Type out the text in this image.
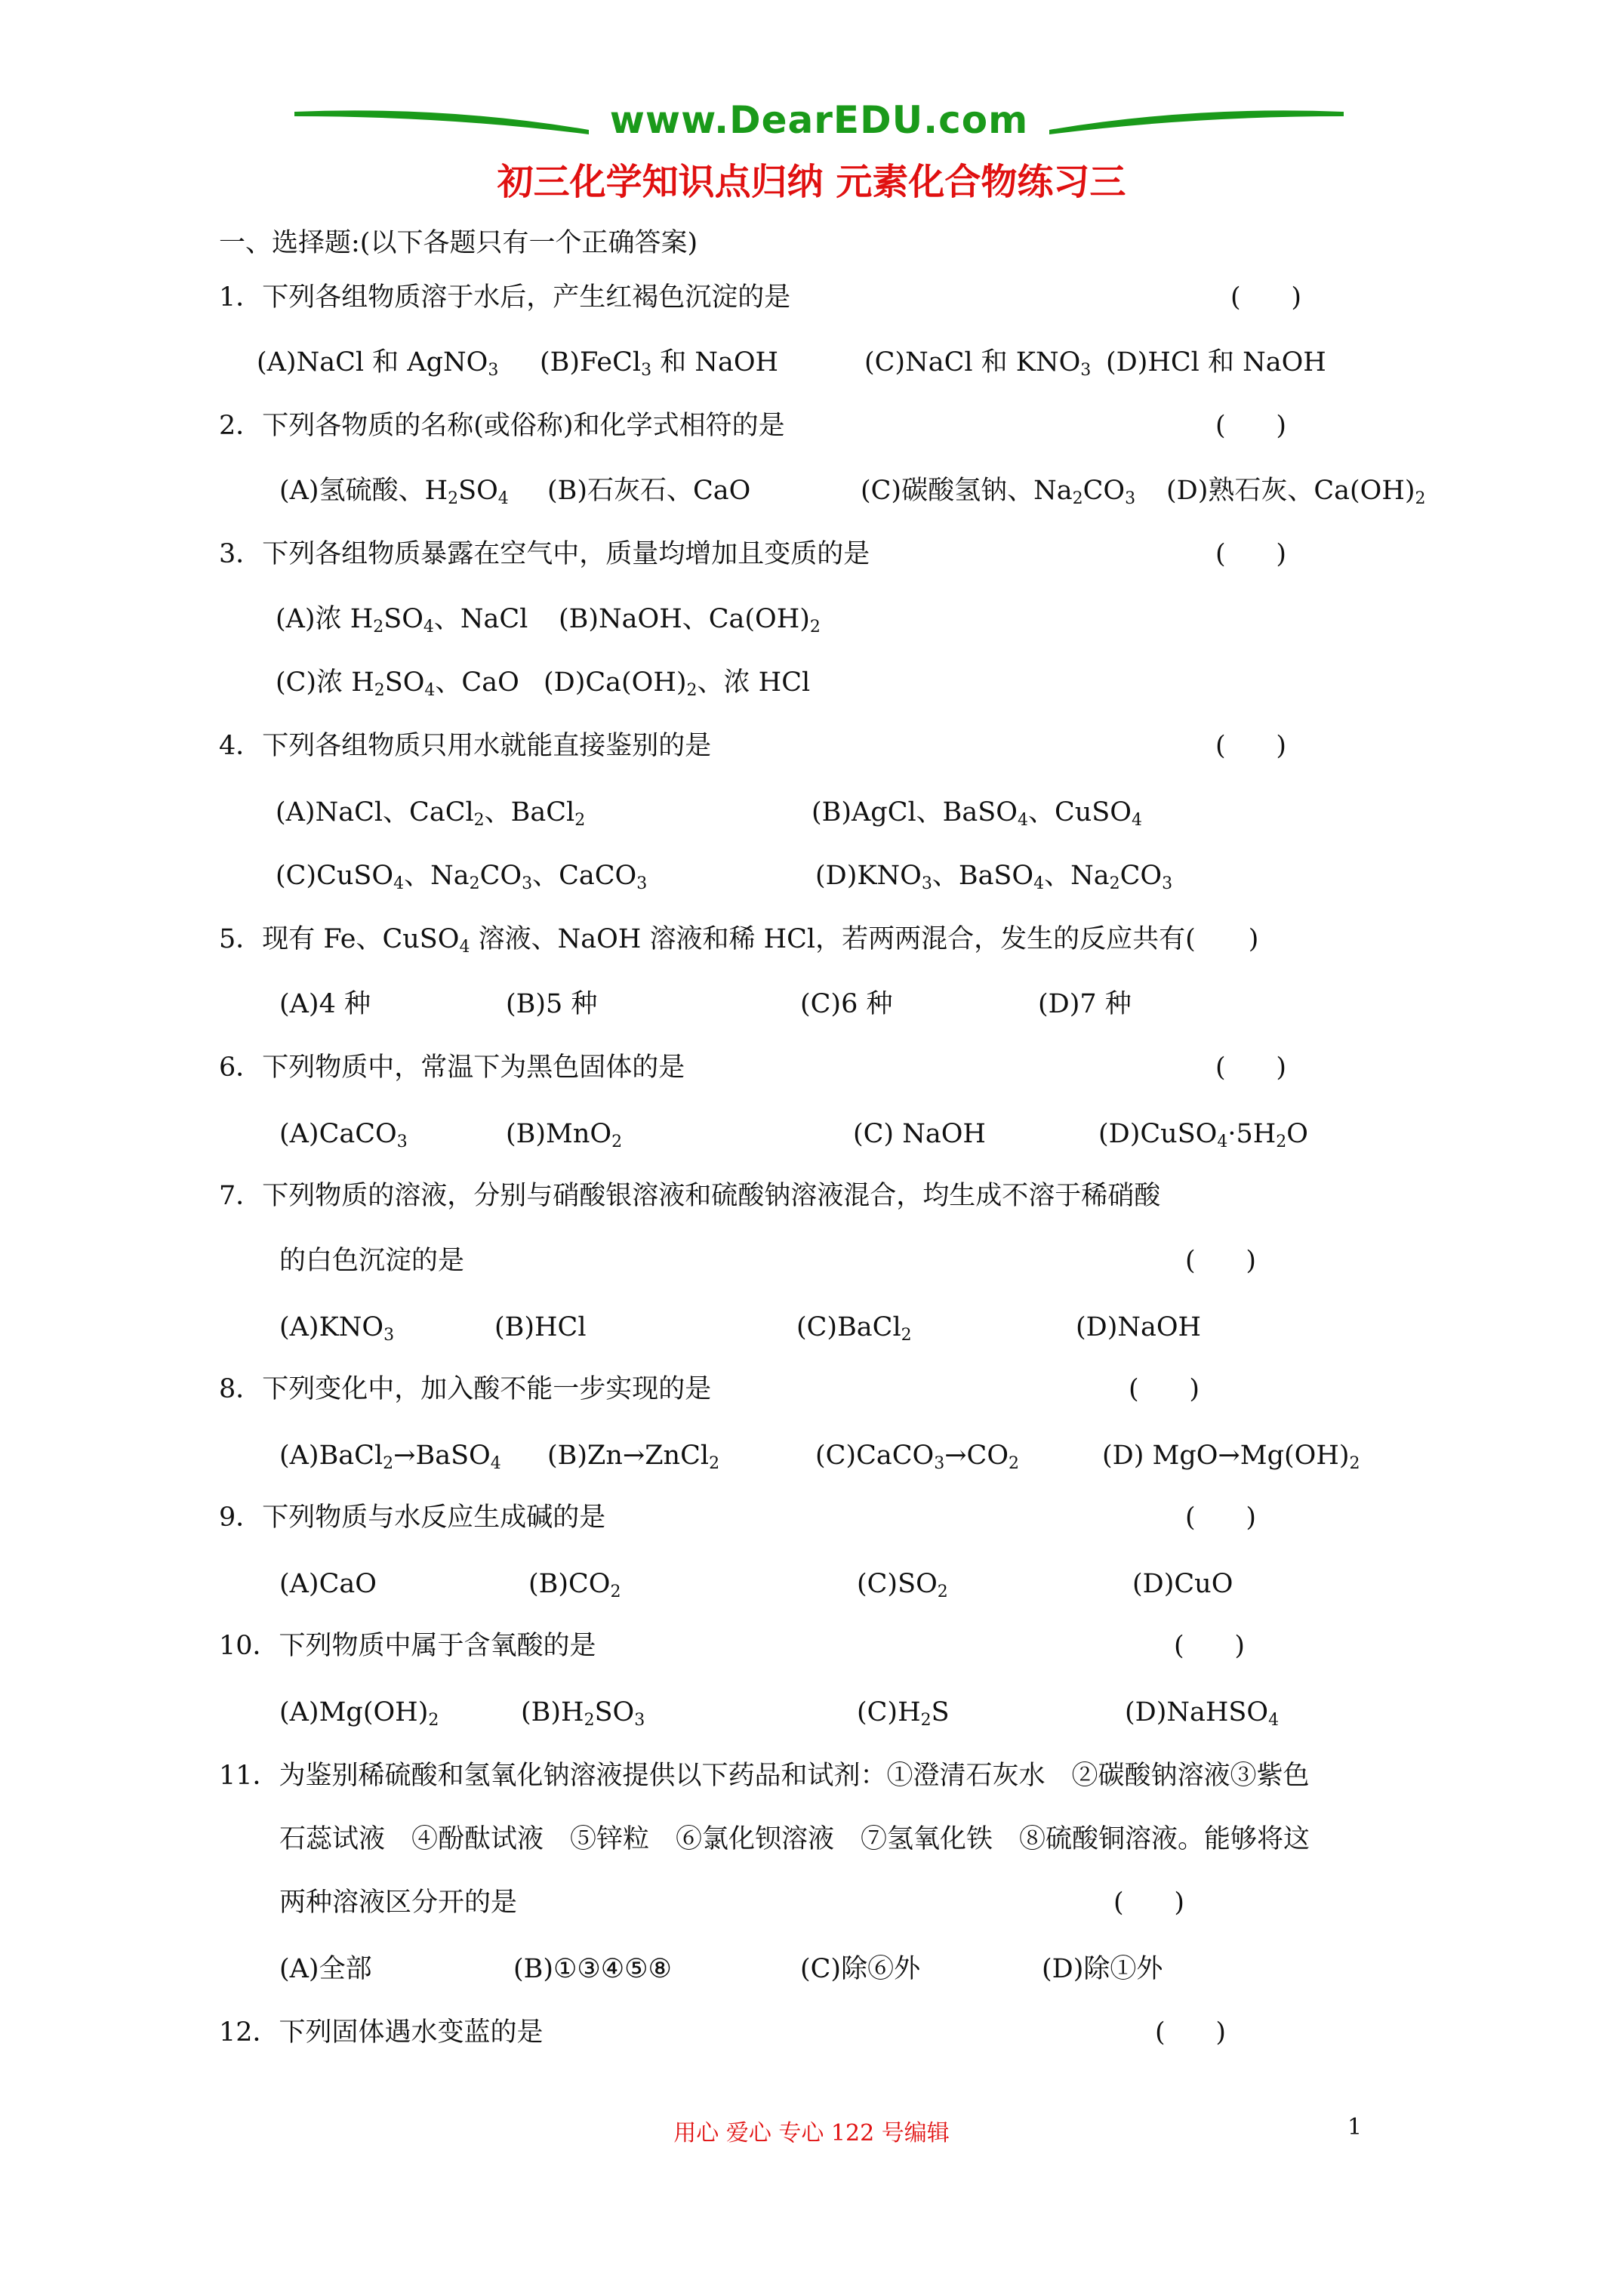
www.DearEDU.com
初三化学知识点归纳 元素化合物练习三
一、选择题:(以下各题只有一个正确答案)
1．下列各组物质溶于水后，产生红褐色沉淀的是	(      )
(A)NaCl 和 AgNO$_3$ (B)FeCl$_3$ 和 NaOH	(C)NaCl 和 $KNO_3$ (D)HCl 和 NaOH
2．下列各物质的名称(或俗称)和化学式相符的是	(      )
(A)氢硫酸、$H_2SO_4$ (B)石灰石、CaO	(C)碳酸氢钠、$Na_2CO_3$ (D)熟石灰、$Ca(OH)_2$
3．下列各组物质暴露在空气中，质量均增加且变质的是	(      )
(A)浓 $H_2SO_4$、NaCl (B)NaOH、$Ca(OH)_2$
(C)浓 $H_2SO_4$、CaO $(D)Ca(OH)_2$、浓 HCl
4．下列各组物质只用水就能直接鉴别的是	(      )
(A)NaCl、CaCl$_2$、BaCl$_2$	(B)AgCl、BaSO$_4$、CuSO$_4$
(C)CuSO$_4$、$Na_2CO_3$、CaCO$_3$	$(D)KNO_3$、BaSO$_4$、$Na_2CO_3$
5．现有 Fe、CuSO$_4$ 溶液、NaOH 溶液和稀 HCl，若两两混合，发生的反应共有(　　)
(A)4 种	(B)5 种	(C)6 种	(D)7 种
6．下列物质中，常温下为黑色固体的是	(      )
(A)CaCO$_3$	(B)MnO$_2$	(C) NaOH	$(D)CuSO_4\cdot 5H_2O$
7．下列物质的溶液，分别与硝酸银溶液和硫酸钠溶液混合，均生成不溶于稀硝酸
的白色沉淀的是	(      )
$(A)KNO_3$	(B)HCl	(C)BaCl$_2$	(D)NaOH
8．下列变化中，加入酸不能一步实现的是	(      )
(A)BaCl$_2$→BaSO$_4$ (B)Zn→ZnCl$_2$	$(C)CaCO_3\to CO_2$	(D) $MgO\to Mg(OH)_2$
9．下列物质与水反应生成碱的是	(      )
(A)CaO	$(B)CO_2$	$(C)SO_2$	(D)CuO
10．下列物质中属于含氧酸的是	(      )
$(A)Mg(OH)_2$	$(B)H_2SO_3$	$(C)H_2S$	(D)NaHSO$_4$
11．为鉴别稀硫酸和氢氧化钠溶液提供以下药品和试剂：①澄清石灰水　②碳酸钠溶液③紫色
石蕊试液　④酚酞试液　⑤锌粒　⑥氯化钡溶液　⑦氢氧化铁　⑧硫酸铜溶液。能够将这
两种溶液区分开的是	(      )
(A)全部	(B)①③④⑤⑧	(C)除⑥外	(D)除①外
12．下列固体遇水变蓝的是	(      )
用心 爱心 专心 122 号编辑	1
